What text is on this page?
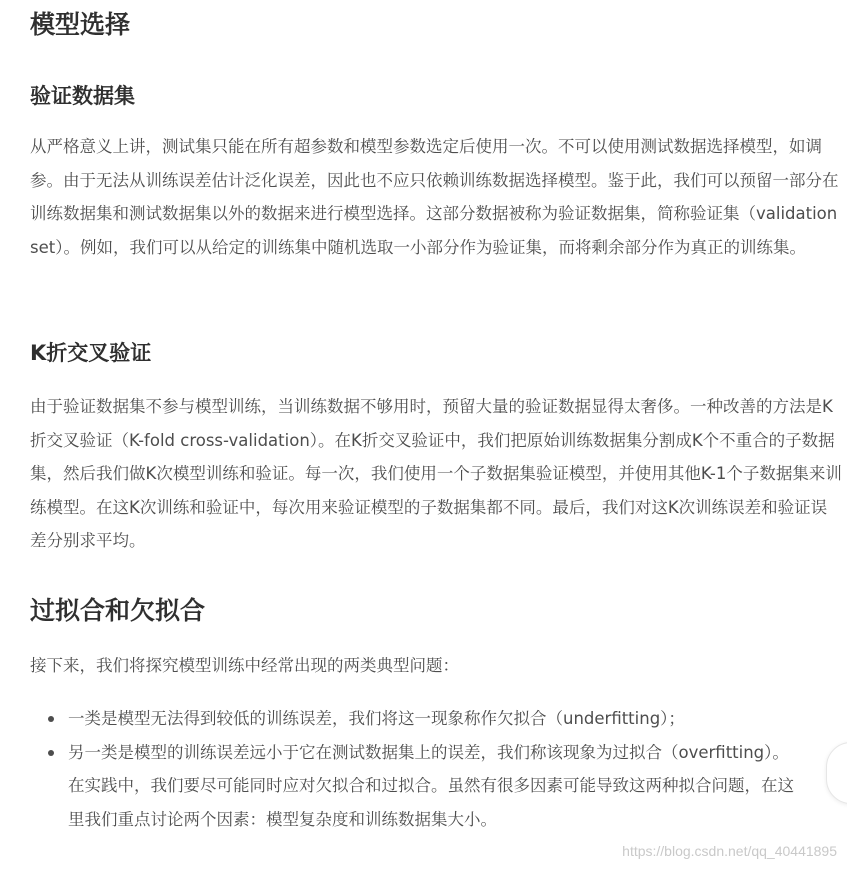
模型选择
验证数据集

从严格意义上讲，测试集只能在所有超参数和模型参数选定后使用一次。不可以使用测试数据选择模型，如调参。由于无法从训练误差估计泛化误差，因此也不应只依赖训练数据选择模型。鉴于此，我们可以预留一部分在训练数据集和测试数据集以外的数据来进行模型选择。这部分数据被称为验证数据集，简称验证集（validation set）。例如，我们可以从给定的训练集中随机选取一小部分作为验证集，而将剩余部分作为真正的训练集。

K折交叉验证

由于验证数据集不参与模型训练，当训练数据不够用时，预留大量的验证数据显得太奢侈。一种改善的方法是K折交叉验证（K-fold cross-validation）。在K折交叉验证中，我们把原始训练数据集分割成K个不重合的子数据集，然后我们做K次模型训练和验证。每一次，我们使用一个子数据集验证模型，并使用其他K-1个子数据集来训练模型。在这K次训练和验证中，每次用来验证模型的子数据集都不同。最后，我们对这K次训练误差和验证误差分别求平均。

过拟合和欠拟合

接下来，我们将探究模型训练中经常出现的两类典型问题：

一类是模型无法得到较低的训练误差，我们将这一现象称作欠拟合（underfitting）；
另一类是模型的训练误差远小于它在测试数据集上的误差，我们称该现象为过拟合（overfitting）。 在实践中，我们要尽可能同时应对欠拟合和过拟合。虽然有很多因素可能导致这两种拟合问题，在这里我们重点讨论两个因素：模型复杂度和训练数据集大小。
https://blog.csdn.net/qq_40441895
